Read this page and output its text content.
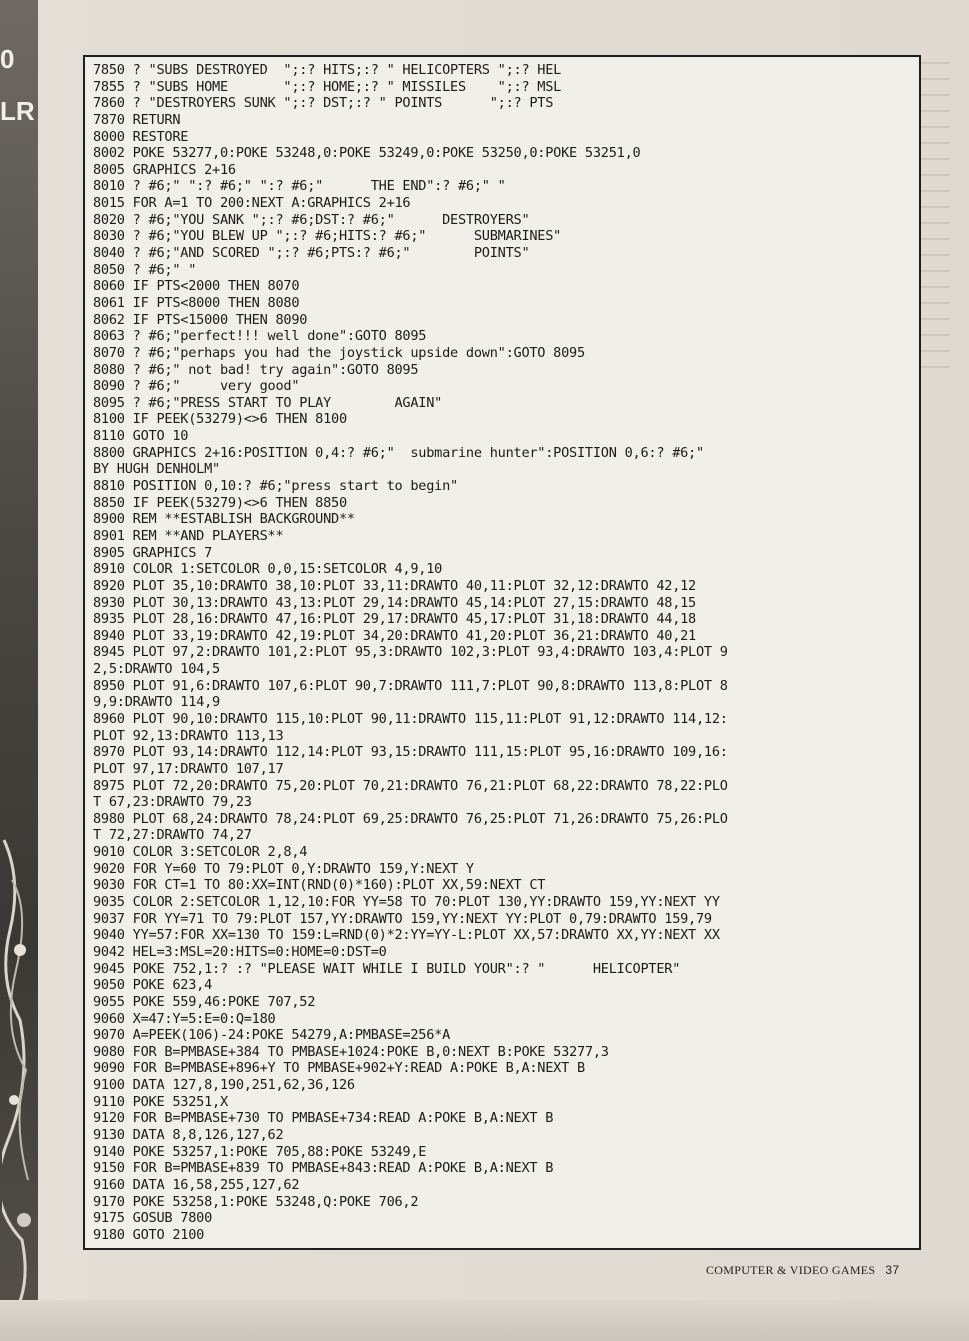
0
LR
7850 ? "SUBS DESTROYED  ";:? HITS;:? " HELICOPTERS ";:? HEL
7855 ? "SUBS HOME       ";:? HOME;:? " MISSILES    ";:? MSL
7860 ? "DESTROYERS SUNK ";:? DST;:? " POINTS      ";:? PTS
7870 RETURN
8000 RESTORE
8002 POKE 53277,0:POKE 53248,0:POKE 53249,0:POKE 53250,0:POKE 53251,0
8005 GRAPHICS 2+16
8010 ? #6;" ":? #6;" ":? #6;"      THE END":? #6;" "
8015 FOR A=1 TO 200:NEXT A:GRAPHICS 2+16
8020 ? #6;"YOU SANK ";:? #6;DST:? #6;"      DESTROYERS"
8030 ? #6;"YOU BLEW UP ";:? #6;HITS:? #6;"      SUBMARINES"
8040 ? #6;"AND SCORED ";:? #6;PTS:? #6;"        POINTS"
8050 ? #6;" "
8060 IF PTS<2000 THEN 8070
8061 IF PTS<8000 THEN 8080
8062 IF PTS<15000 THEN 8090
8063 ? #6;"perfect!!! well done":GOTO 8095
8070 ? #6;"perhaps you had the joystick upside down":GOTO 8095
8080 ? #6;" not bad! try again":GOTO 8095
8090 ? #6;"     very good"
8095 ? #6;"PRESS START TO PLAY        AGAIN"
8100 IF PEEK(53279)<>6 THEN 8100
8110 GOTO 10
8800 GRAPHICS 2+16:POSITION 0,4:? #6;"  submarine hunter":POSITION 0,6:? #6;"
BY HUGH DENHOLM"
8810 POSITION 0,10:? #6;"press start to begin"
8850 IF PEEK(53279)<>6 THEN 8850
8900 REM **ESTABLISH BACKGROUND**
8901 REM **AND PLAYERS**
8905 GRAPHICS 7
8910 COLOR 1:SETCOLOR 0,0,15:SETCOLOR 4,9,10
8920 PLOT 35,10:DRAWTO 38,10:PLOT 33,11:DRAWTO 40,11:PLOT 32,12:DRAWTO 42,12
8930 PLOT 30,13:DRAWTO 43,13:PLOT 29,14:DRAWTO 45,14:PLOT 27,15:DRAWTO 48,15
8935 PLOT 28,16:DRAWTO 47,16:PLOT 29,17:DRAWTO 45,17:PLOT 31,18:DRAWTO 44,18
8940 PLOT 33,19:DRAWTO 42,19:PLOT 34,20:DRAWTO 41,20:PLOT 36,21:DRAWTO 40,21
8945 PLOT 97,2:DRAWTO 101,2:PLOT 95,3:DRAWTO 102,3:PLOT 93,4:DRAWTO 103,4:PLOT 9
2,5:DRAWTO 104,5
8950 PLOT 91,6:DRAWTO 107,6:PLOT 90,7:DRAWTO 111,7:PLOT 90,8:DRAWTO 113,8:PLOT 8
9,9:DRAWTO 114,9
8960 PLOT 90,10:DRAWTO 115,10:PLOT 90,11:DRAWTO 115,11:PLOT 91,12:DRAWTO 114,12:
PLOT 92,13:DRAWTO 113,13
8970 PLOT 93,14:DRAWTO 112,14:PLOT 93,15:DRAWTO 111,15:PLOT 95,16:DRAWTO 109,16:
PLOT 97,17:DRAWTO 107,17
8975 PLOT 72,20:DRAWTO 75,20:PLOT 70,21:DRAWTO 76,21:PLOT 68,22:DRAWTO 78,22:PLO
T 67,23:DRAWTO 79,23
8980 PLOT 68,24:DRAWTO 78,24:PLOT 69,25:DRAWTO 76,25:PLOT 71,26:DRAWTO 75,26:PLO
T 72,27:DRAWTO 74,27
9010 COLOR 3:SETCOLOR 2,8,4
9020 FOR Y=60 TO 79:PLOT 0,Y:DRAWTO 159,Y:NEXT Y
9030 FOR CT=1 TO 80:XX=INT(RND(0)*160):PLOT XX,59:NEXT CT
9035 COLOR 2:SETCOLOR 1,12,10:FOR YY=58 TO 70:PLOT 130,YY:DRAWTO 159,YY:NEXT YY
9037 FOR YY=71 TO 79:PLOT 157,YY:DRAWTO 159,YY:NEXT YY:PLOT 0,79:DRAWTO 159,79
9040 YY=57:FOR XX=130 TO 159:L=RND(0)*2:YY=YY-L:PLOT XX,57:DRAWTO XX,YY:NEXT XX
9042 HEL=3:MSL=20:HITS=0:HOME=0:DST=0
9045 POKE 752,1:? :? "PLEASE WAIT WHILE I BUILD YOUR":? "      HELICOPTER"
9050 POKE 623,4
9055 POKE 559,46:POKE 707,52
9060 X=47:Y=5:E=0:Q=180
9070 A=PEEK(106)-24:POKE 54279,A:PMBASE=256*A
9080 FOR B=PMBASE+384 TO PMBASE+1024:POKE B,0:NEXT B:POKE 53277,3
9090 FOR B=PMBASE+896+Y TO PMBASE+902+Y:READ A:POKE B,A:NEXT B
9100 DATA 127,8,190,251,62,36,126
9110 POKE 53251,X
9120 FOR B=PMBASE+730 TO PMBASE+734:READ A:POKE B,A:NEXT B
9130 DATA 8,8,126,127,62
9140 POKE 53257,1:POKE 705,88:POKE 53249,E
9150 FOR B=PMBASE+839 TO PMBASE+843:READ A:POKE B,A:NEXT B
9160 DATA 16,58,255,127,62
9170 POKE 53258,1:POKE 53248,Q:POKE 706,2
9175 GOSUB 7800
9180 GOTO 2100
COMPUTER & VIDEO GAMES 37
